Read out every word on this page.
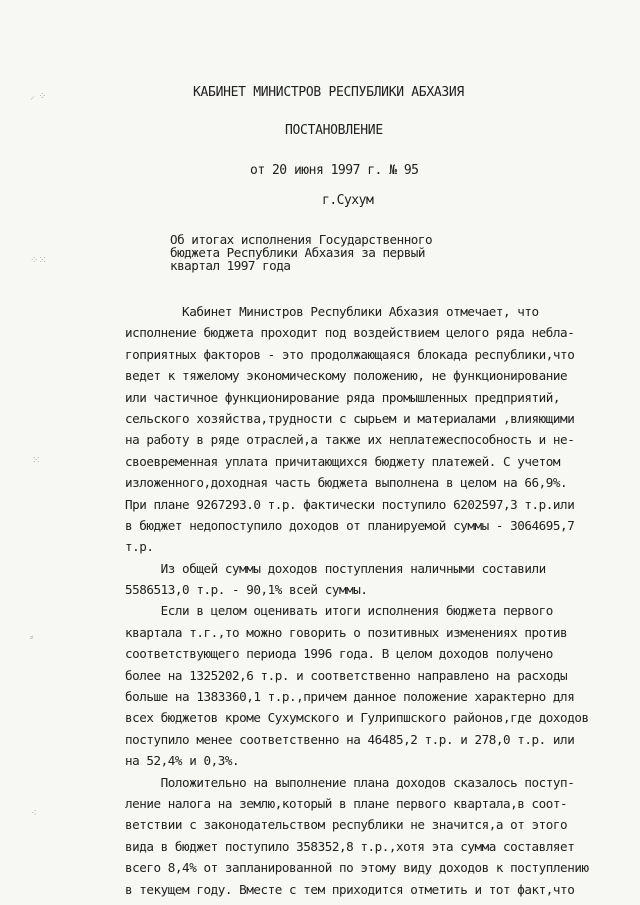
КАБИНЕТ МИНИСТРОВ РЕСПУБЛИКИ АБХАЗИЯ
ПОСТАНОВЛЕНИЕ
от 20 июня 1997 г. № 95
г.Сухум
Об итогах исполнения Государственного
бюджета Республики Абхазия за первый
квартал 1997 года
Кабинет Министров Республики Абхазия отмечает, что
исполнение бюджета проходит под воздействием целого ряда небла-
гоприятных факторов - это продолжающаяся блокада республики,что
ведет к тяжелому экономическому положению, не функционирование
или частичное функционирование ряда промышленных предприятий,
сельского хозяйства,трудности с сырьем и материалами ,влияющими
на работу в ряде отраслей,а также их неплатежеспособность и не-
своевременная уплата причитающихся бюджету платежей. С учетом
изложенного,доходная часть бюджета выполнена в целом на 66,9%.
При плане 9267293.0 т.р. фактически поступило 6202597,3 т.р.или
в бюджет недопоступило доходов от планируемой суммы - 3064695,7
т.р.
Из общей суммы доходов поступления наличными составили
5586513,0 т.р. - 90,1% всей суммы.
Если в целом оценивать итоги исполнения бюджета первого
квартала т.г.,то можно говорить о позитивных изменениях против
соответствующего периода 1996 года. В целом доходов получено
более на 1325202,6 т.р. и соответственно направлено на расходы
больше на 1383360,1 т.р.,причем данное положение характерно для
всех бюджетов кроме Сухумского и Гулрипшского районов,где доходов
поступило менее соответственно на 46485,2 т.р. и 278,0 т.р. или
на 52,4% и 0,3%.
Положительно на выполнение плана доходов сказалось поступ-
ление налога на землю,который в плане первого квартала,в соот-
ветствии с законодательством республики не значится,а от этого
вида в бюджет поступило 358352,8 т.р.,хотя эта сумма составляет
всего 8,4% от запланированной по этому виду доходов к поступлению
в текущем году. Вместе с тем приходится отметить и тот факт,что
⸝ ⁘
⁘⁙
⁙
⸗
⁖
